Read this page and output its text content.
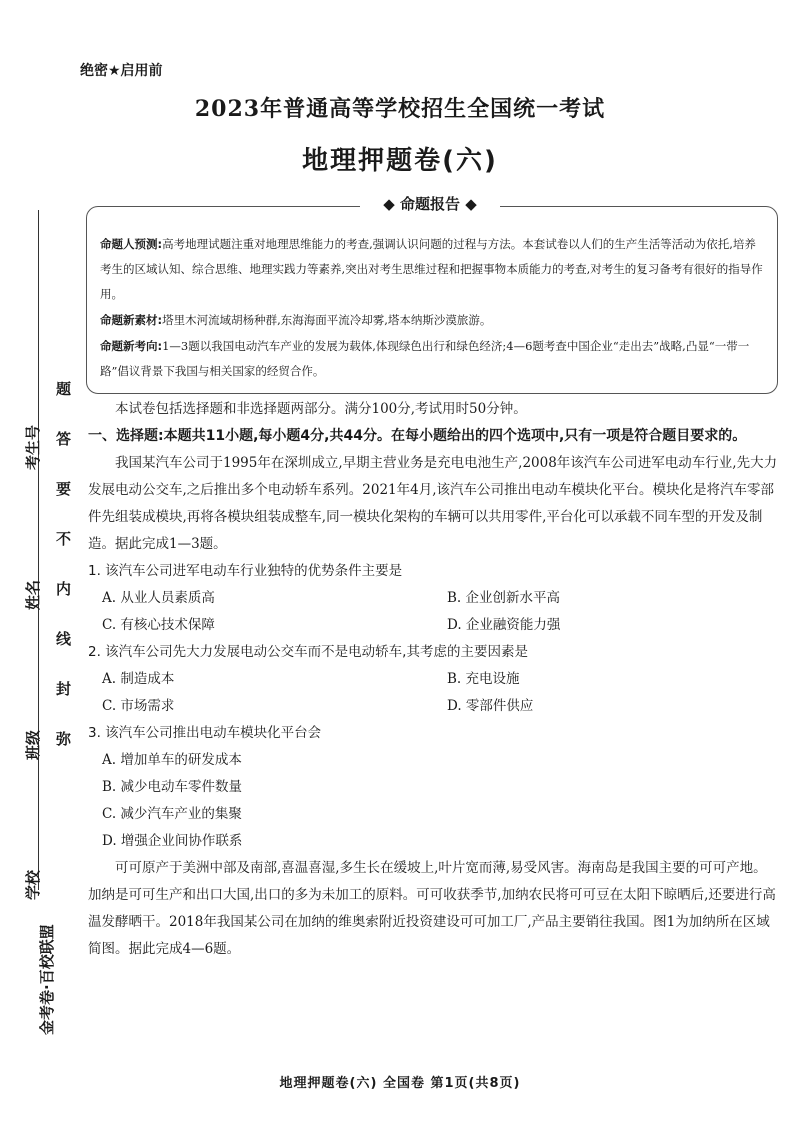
考生号
姓名
班级
学校
金考卷·百校联盟
题
答
要
不
内
线
封
弥
绝密★启用前
2023年普通高等学校招生全国统一考试
地理押题卷(六)
◆ 命题报告 ◆

命题人预测:高考地理试题注重对地理思维能力的考查,强调认识问题的过程与方法。本套试卷以人们的生产生活等活动为依托,培养考生的区域认知、综合思维、地理实践力等素养,突出对考生思维过程和把握事物本质能力的考查,对考生的复习备考有很好的指导作用。

命题新素材:塔里木河流域胡杨种群,东海海面平流冷却雾,塔本纳斯沙漠旅游。

命题新考向:1—3题以我国电动汽车产业的发展为载体,体现绿色出行和绿色经济;4—6题考查中国企业“走出去”战略,凸显“一带一路”倡议背景下我国与相关国家的经贸合作。

本试卷包括选择题和非选择题两部分。满分100分,考试用时50分钟。

一、选择题:本题共11小题,每小题4分,共44分。在每小题给出的四个选项中,只有一项是符合题目要求的。

我国某汽车公司于1995年在深圳成立,早期主营业务是充电电池生产,2008年该汽车公司进军电动车行业,先大力发展电动公交车,之后推出多个电动轿车系列。2021年4月,该汽车公司推出电动车模块化平台。模块化是将汽车零部件先组装成模块,再将各模块组装成整车,同一模块化架构的车辆可以共用零件,平台化可以承载不同车型的开发及制造。据此完成1—3题。

1. 该汽车公司进军电动车行业独特的优势条件主要是

A. 从业人员素质高	B. 企业创新水平高
C. 有核心技术保障	D. 企业融资能力强

2. 该汽车公司先大力发展电动公交车而不是电动轿车,其考虑的主要因素是

A. 制造成本	B. 充电设施
C. 市场需求	D. 零部件供应

3. 该汽车公司推出电动车模块化平台会

A. 增加单车的研发成本

B. 减少电动车零件数量

C. 减少汽车产业的集聚

D. 增强企业间协作联系

可可原产于美洲中部及南部,喜温喜湿,多生长在缓坡上,叶片宽而薄,易受风害。海南岛是我国主要的可可产地。加纳是可可生产和出口大国,出口的多为未加工的原料。可可收获季节,加纳农民将可可豆在太阳下晾晒后,还要进行高温发酵晒干。2018年我国某公司在加纳的维奥索附近投资建设可可加工厂,产品主要销往我国。图1为加纳所在区域简图。据此完成4—6题。

地理押题卷(六) 全国卷 第1页(共8页)
